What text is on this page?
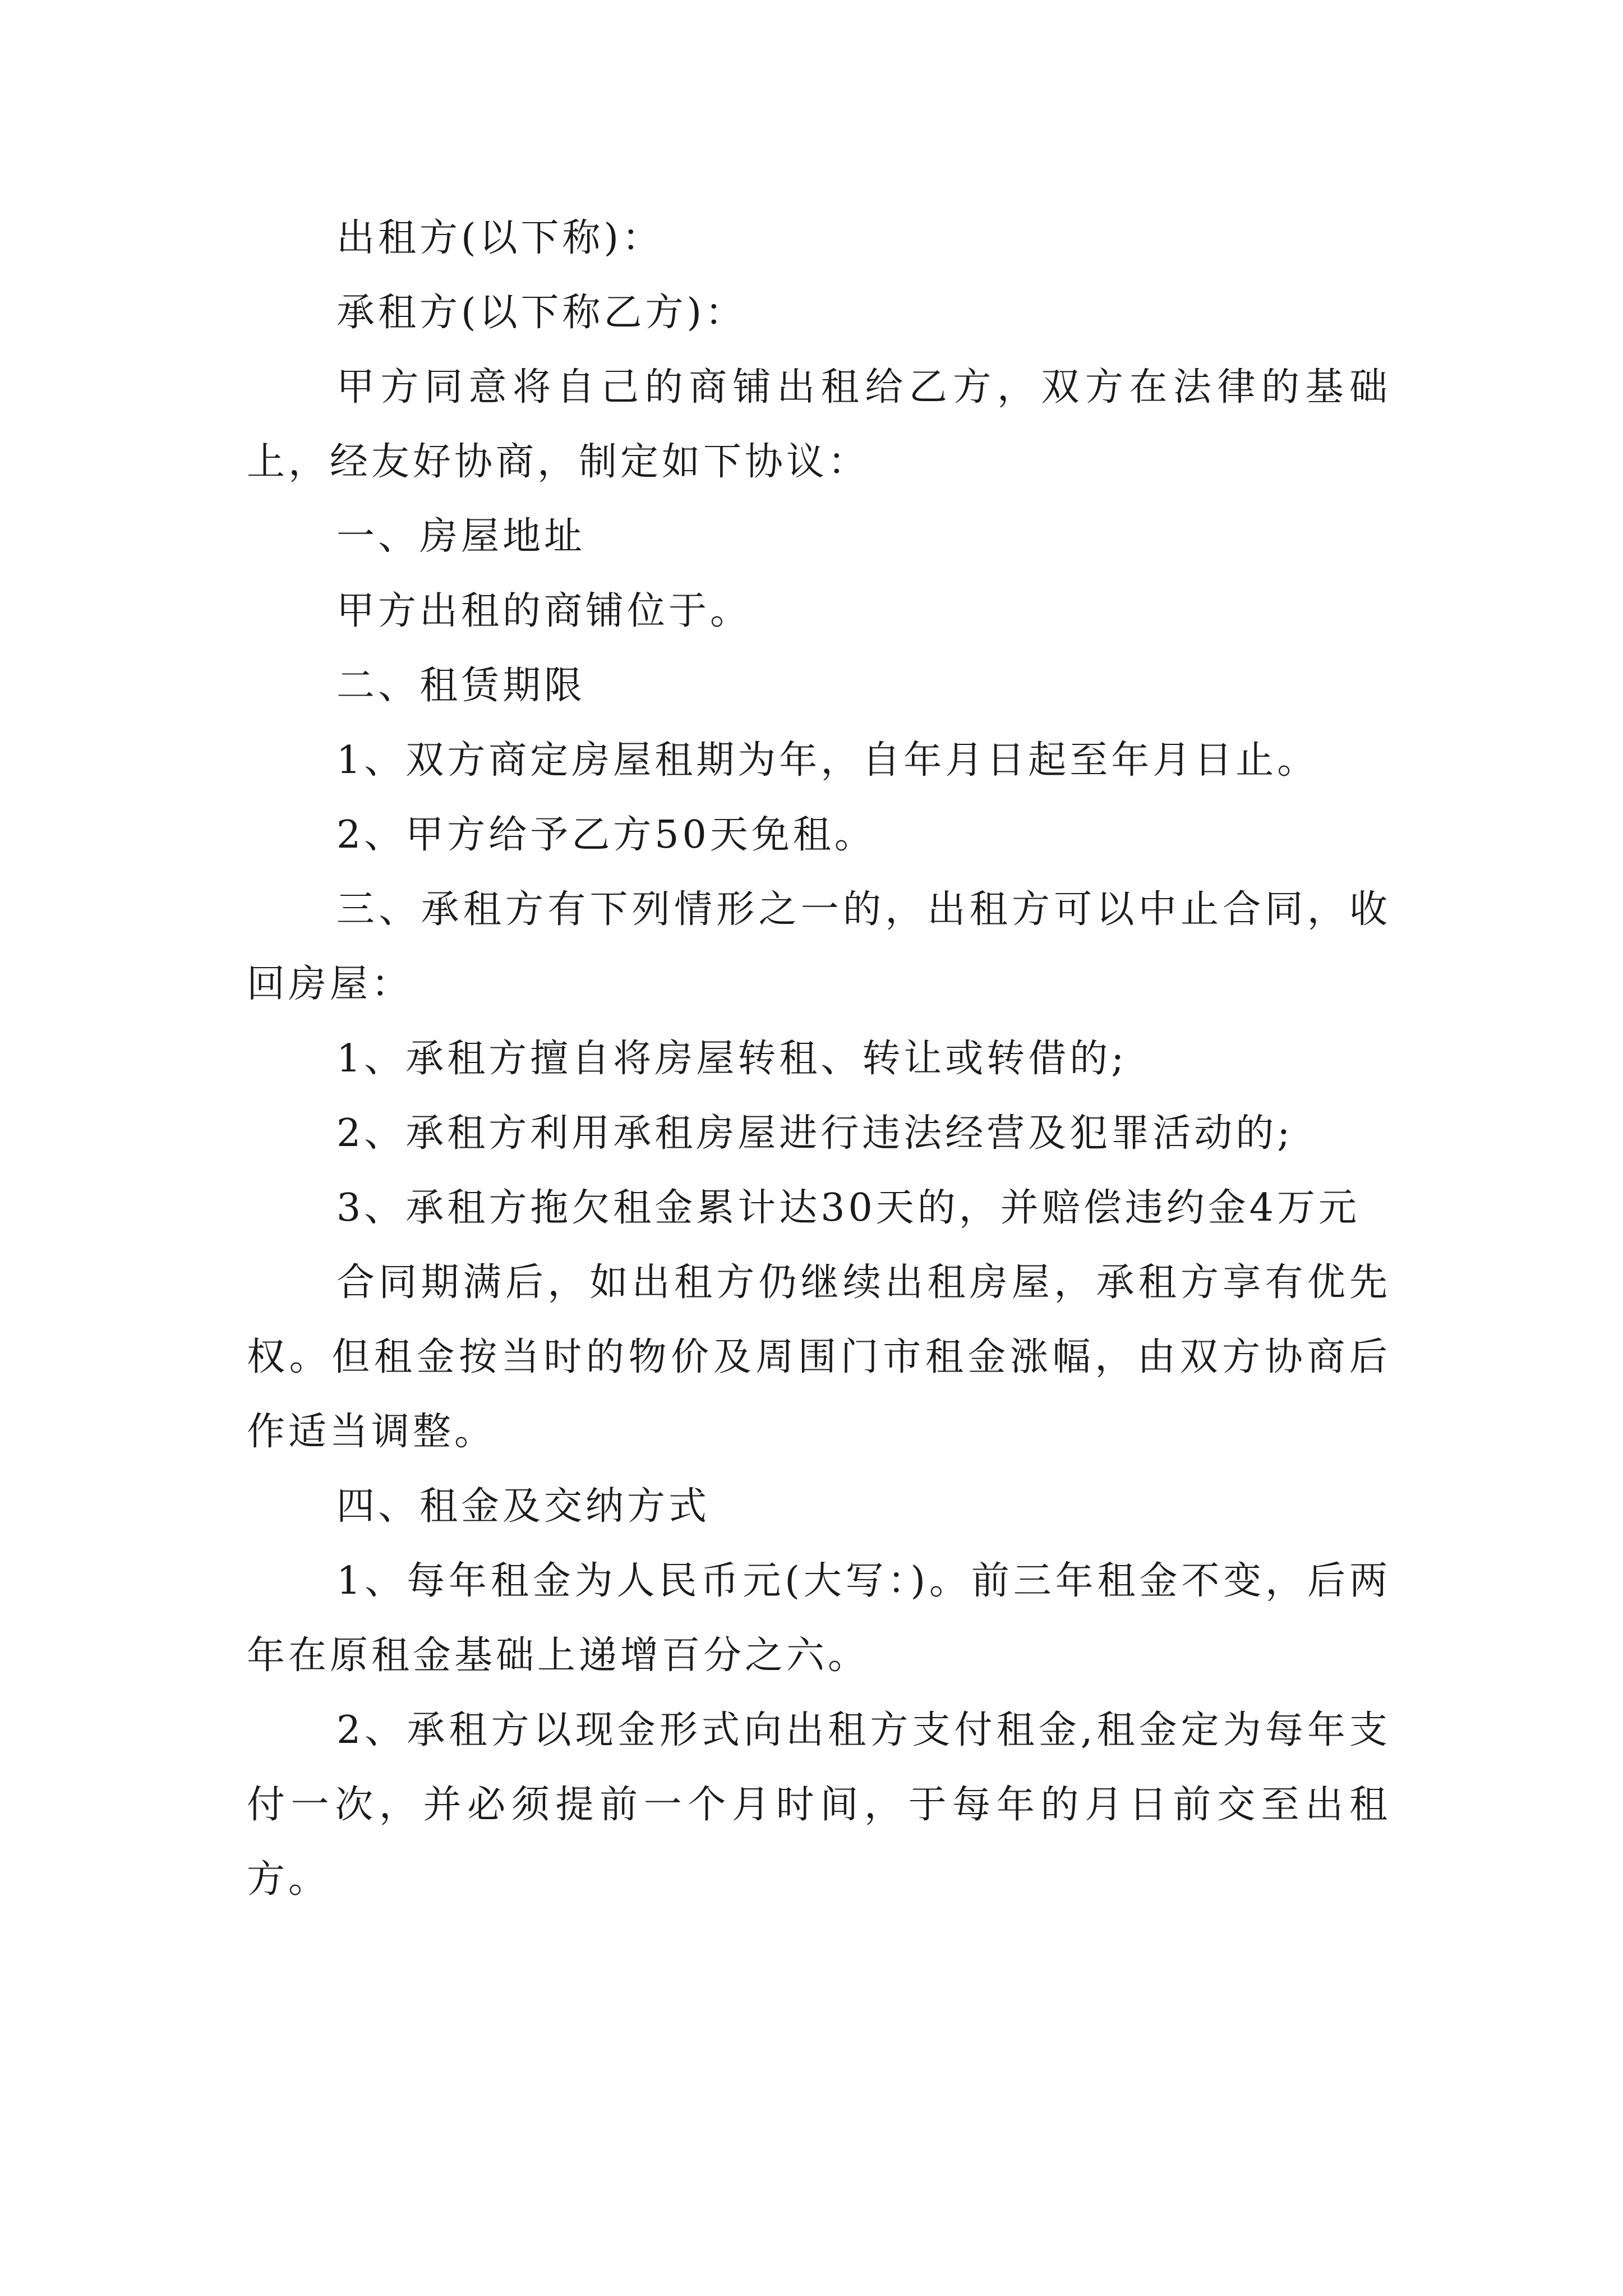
出租方(以下称)：

承租方(以下称乙方)：

甲方同意将自己的商铺出租给乙方，双方在法律的基础上，经友好协商，制定如下协议：

一、房屋地址

甲方出租的商铺位于。

二、租赁期限

1、双方商定房屋租期为年，自年月日起至年月日止。

2、甲方给予乙方50天免租。

三、承租方有下列情形之一的，出租方可以中止合同，收回房屋：

1、承租方擅自将房屋转租、转让或转借的;

2、承租方利用承租房屋进行违法经营及犯罪活动的;

3、承租方拖欠租金累计达30天的，并赔偿违约金4万元

合同期满后，如出租方仍继续出租房屋，承租方享有优先权。但租金按当时的物价及周围门市租金涨幅，由双方协商后作适当调整。

四、租金及交纳方式

1、每年租金为人民币元(大写：)。前三年租金不变，后两年在原租金基础上递增百分之六。

2、承租方以现金形式向出租方支付租金,租金定为每年支付一次，并必须提前一个月时间，于每年的月日前交至出租方。
